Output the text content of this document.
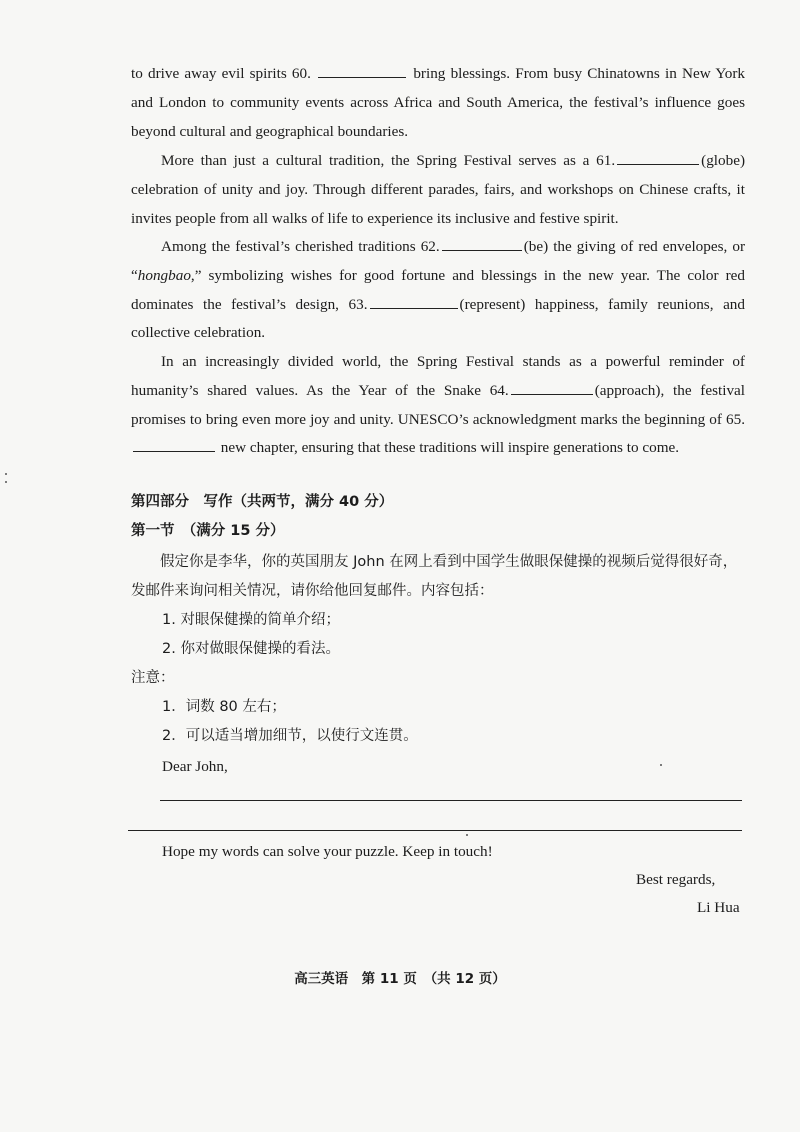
to drive away evil spirits 60.	bring blessings. From busy Chinatowns in New York and London to community events across Africa and South America, the festival’s influence goes beyond cultural and geographical boundaries.
More than just a cultural tradition, the Spring Festival serves as a 61.	(globe) celebration of unity and joy. Through different parades, fairs, and workshops on Chinese crafts, it invites people from all walks of life to experience its inclusive and festive spirit.
Among the festival’s cherished traditions 62.	(be) the giving of red envelopes, or “hongbao,” symbolizing wishes for good fortune and blessings in the new year. The color red dominates the festival’s design, 63.	(represent) happiness, family reunions, and collective celebration.
In an increasingly divided world, the Spring Festival stands as a powerful reminder of humanity’s shared values. As the Year of the Snake 64.	(approach), the festival promises to bring even more joy and unity. UNESCO’s acknowledgment marks the beginning of 65. new chapter, ensuring that these traditions will inspire generations to come.
第四部分　写作（共两节，满分 40 分）
第一节　（满分 15 分）
假定你是李华，你的英国朋友 John 在网上看到中国学生做眼保健操的视频后觉得很好奇，发邮件来询问相关情况，请你给他回复邮件。内容包括：
1. 对眼保健操的简单介绍；
2. 你对做眼保健操的看法。
注意：
1．词数 80 左右；
2．可以适当增加细节，以使行文连贯。
Dear John,
Hope my words can solve your puzzle. Keep in touch!
Best regards,
Li Hua
高三英语　第 11 页　（共 12 页）
